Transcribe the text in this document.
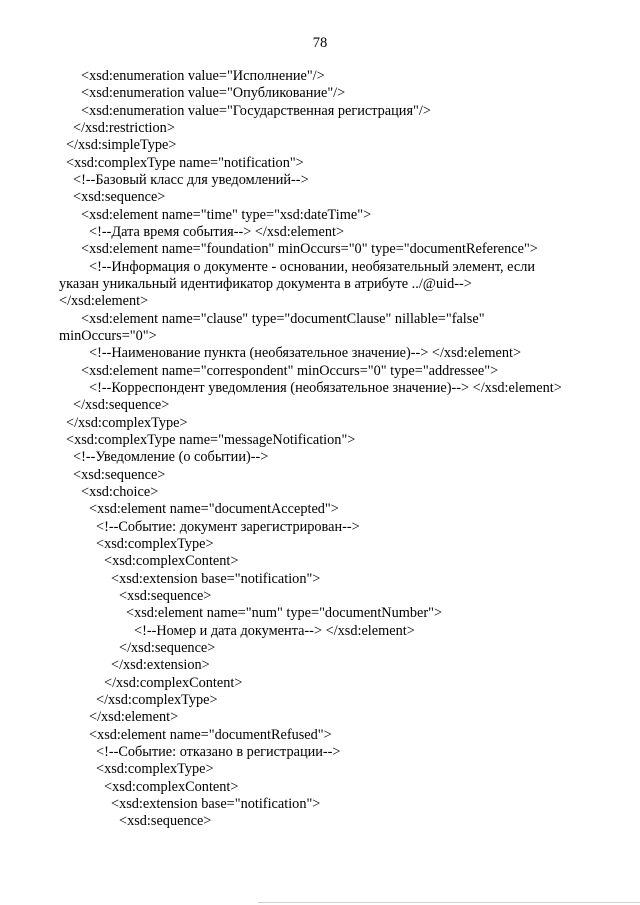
78
<xsd:enumeration value="Исполнение"/>
<xsd:enumeration value="Опубликование"/>
<xsd:enumeration value="Государственная регистрация"/>
</xsd:restriction>
</xsd:simpleType>
<xsd:complexType name="notification">
<!--Базовый класс для уведомлений-->
<xsd:sequence>
<xsd:element name="time" type="xsd:dateTime">
<!--Дата время события--> </xsd:element>
<xsd:element name="foundation" minOccurs="0" type="documentReference">
<!--Информация о документе - основании, необязательный элемент, если
указан уникальный идентификатор документа в атрибуте ../@uid-->
</xsd:element>
<xsd:element name="clause" type="documentClause" nillable="false"
minOccurs="0">
<!--Наименование пункта (необязательное значение)--> </xsd:element>
<xsd:element name="correspondent" minOccurs="0" type="addressee">
<!--Корреспондент уведомления (необязательное значение)--> </xsd:element>
</xsd:sequence>
</xsd:complexType>
<xsd:complexType name="messageNotification">
<!--Уведомление (о событии)-->
<xsd:sequence>
<xsd:choice>
<xsd:element name="documentAccepted">
<!--Событие: документ зарегистрирован-->
<xsd:complexType>
<xsd:complexContent>
<xsd:extension base="notification">
<xsd:sequence>
<xsd:element name="num" type="documentNumber">
<!--Номер и дата документа--> </xsd:element>
</xsd:sequence>
</xsd:extension>
</xsd:complexContent>
</xsd:complexType>
</xsd:element>
<xsd:element name="documentRefused">
<!--Событие: отказано в регистрации-->
<xsd:complexType>
<xsd:complexContent>
<xsd:extension base="notification">
<xsd:sequence>
